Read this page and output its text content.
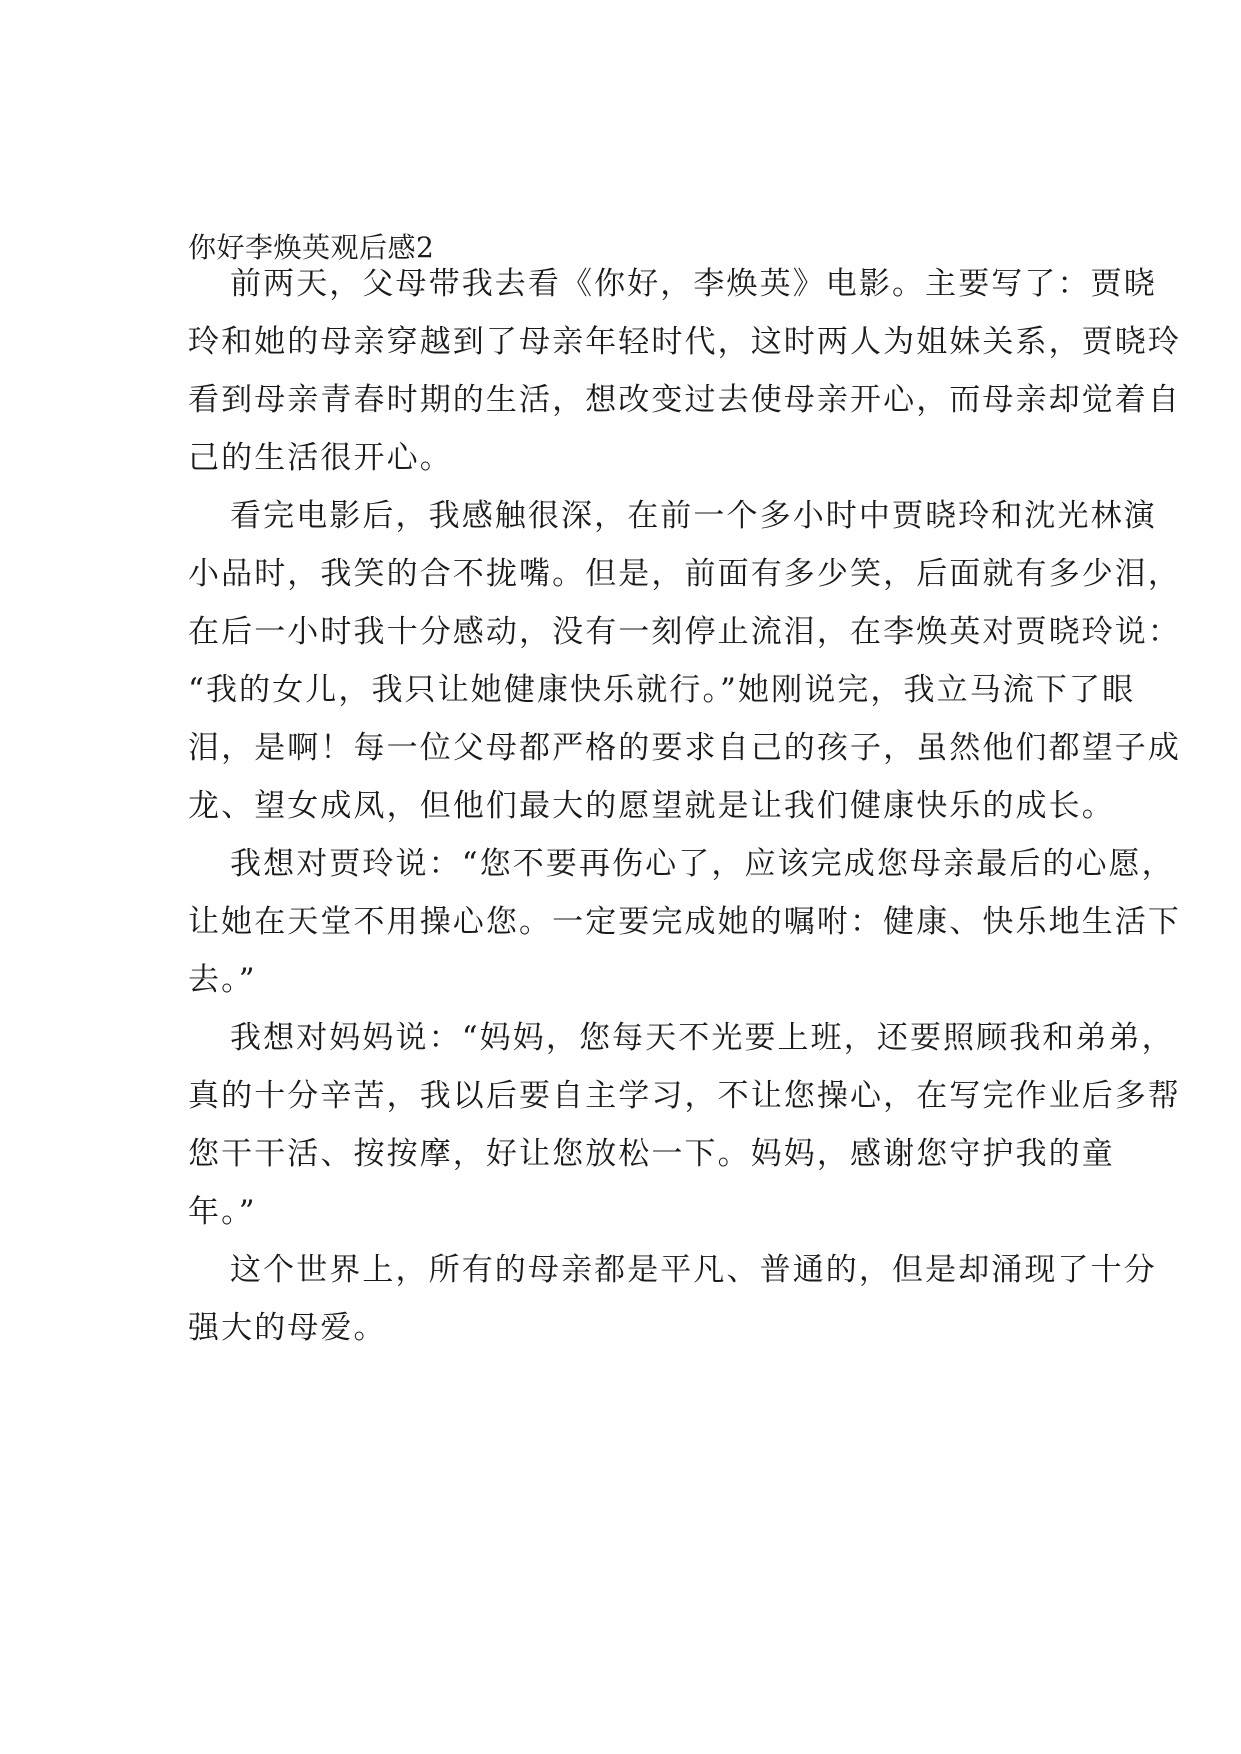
你好李焕英观后感2
前两天，父母带我去看《你好，李焕英》电影。主要写了：贾晓
玲和她的母亲穿越到了母亲年轻时代，这时两人为姐妹关系，贾晓玲
看到母亲青春时期的生活，想改变过去使母亲开心，而母亲却觉着自
己的生活很开心。
看完电影后，我感触很深，在前一个多小时中贾晓玲和沈光林演
小品时，我笑的合不拢嘴。但是，前面有多少笑，后面就有多少泪，
在后一小时我十分感动，没有一刻停止流泪，在李焕英对贾晓玲说：
“我的女儿，我只让她健康快乐就行。”她刚说完，我立马流下了眼
泪，是啊！每一位父母都严格的要求自己的孩子，虽然他们都望子成
龙、望女成凤，但他们最大的愿望就是让我们健康快乐的成长。
我想对贾玲说：“您不要再伤心了，应该完成您母亲最后的心愿，
让她在天堂不用操心您。一定要完成她的嘱咐：健康、快乐地生活下
去。”
我想对妈妈说：“妈妈，您每天不光要上班，还要照顾我和弟弟，
真的十分辛苦，我以后要自主学习，不让您操心，在写完作业后多帮
您干干活、按按摩，好让您放松一下。妈妈，感谢您守护我的童
年。”
这个世界上，所有的母亲都是平凡、普通的，但是却涌现了十分
强大的母爱。
